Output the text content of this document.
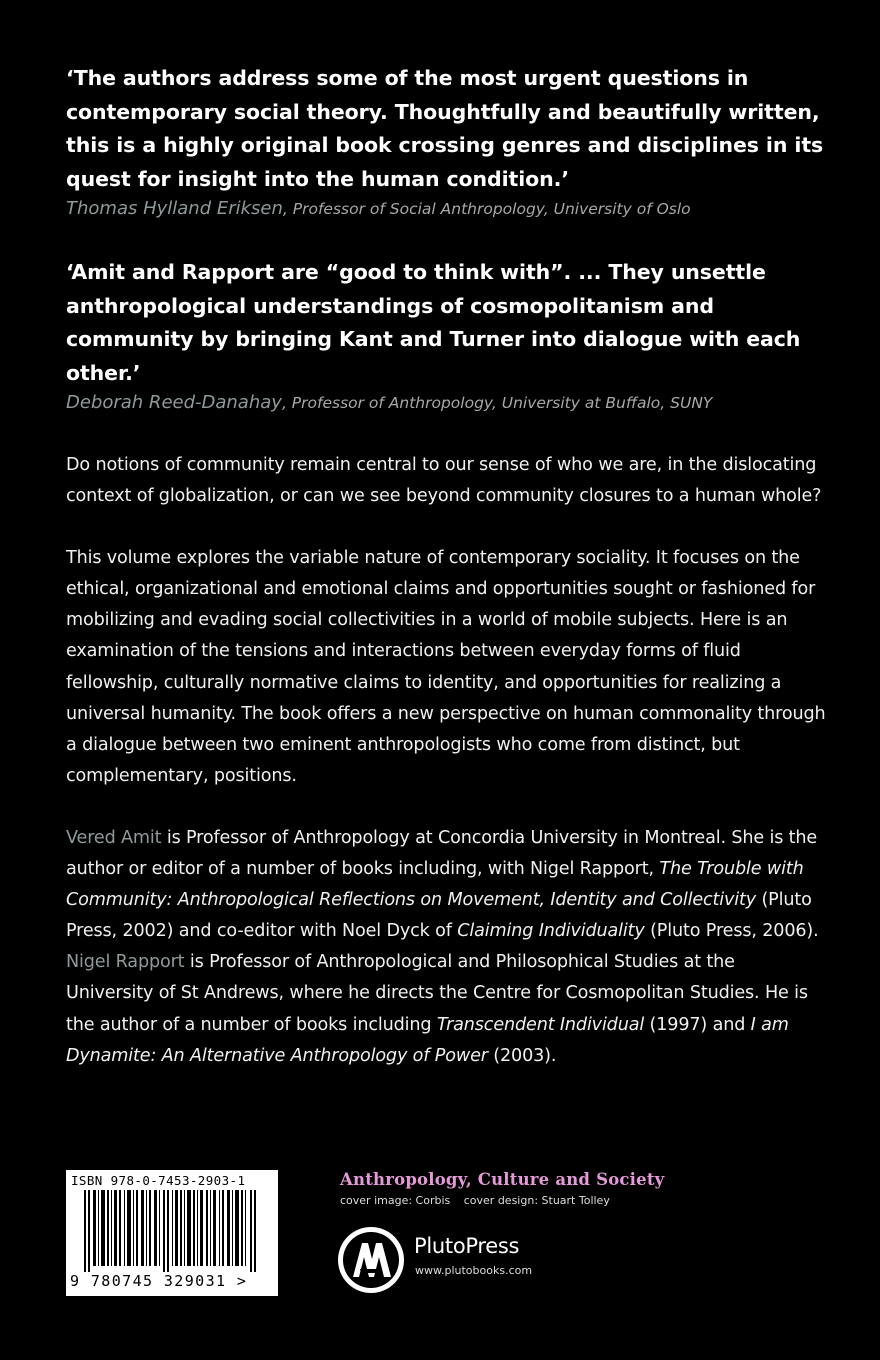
‘The authors address some of the most urgent questions in contemporary social theory. Thoughtfully and beautifully written, this is a highly original book crossing genres and disciplines in its quest for insight into the human condition.’

Thomas Hylland Eriksen, Professor of Social Anthropology, University of Oslo

‘Amit and Rapport are “good to think with”. ... They unsettle anthropological understandings of cosmopolitanism and community by bringing Kant and Turner into dialogue with each other.’

Deborah Reed-Danahay, Professor of Anthropology, University at Buffalo, SUNY

Do notions of community remain central to our sense of who we are, in the dislocating context of globalization, or can we see beyond community closures to a human whole?

This volume explores the variable nature of contemporary sociality. It focuses on the ethical, organizational and emotional claims and opportunities sought or fashioned for mobilizing and evading social collectivities in a world of mobile subjects. Here is an examination of the tensions and interactions between everyday forms of fluid fellowship, culturally normative claims to identity, and opportunities for realizing a universal humanity. The book offers a new perspective on human commonality through a dialogue between two eminent anthropologists who come from distinct, but complementary, positions.

Vered Amit is Professor of Anthropology at Concordia University in Montreal. She is the author or editor of a number of books including, with Nigel Rapport, The Trouble with Community: Anthropological Reflections on Movement, Identity and Collectivity (Pluto Press, 2002) and co-editor with Noel Dyck of Claiming Individuality (Pluto Press, 2006). Nigel Rapport is Professor of Anthropological and Philosophical Studies at the University of St Andrews, where he directs the Centre for Cosmopolitan Studies. He is the author of a number of books including Transcendent Individual (1997) and I am Dynamite: An Alternative Anthropology of Power (2003).

ISBN 978-0-7453-2903-1
9 780745 329031 >
Anthropology, Culture and Society
cover image: Corbis cover design: Stuart Tolley
PlutoPress
www.plutobooks.com
